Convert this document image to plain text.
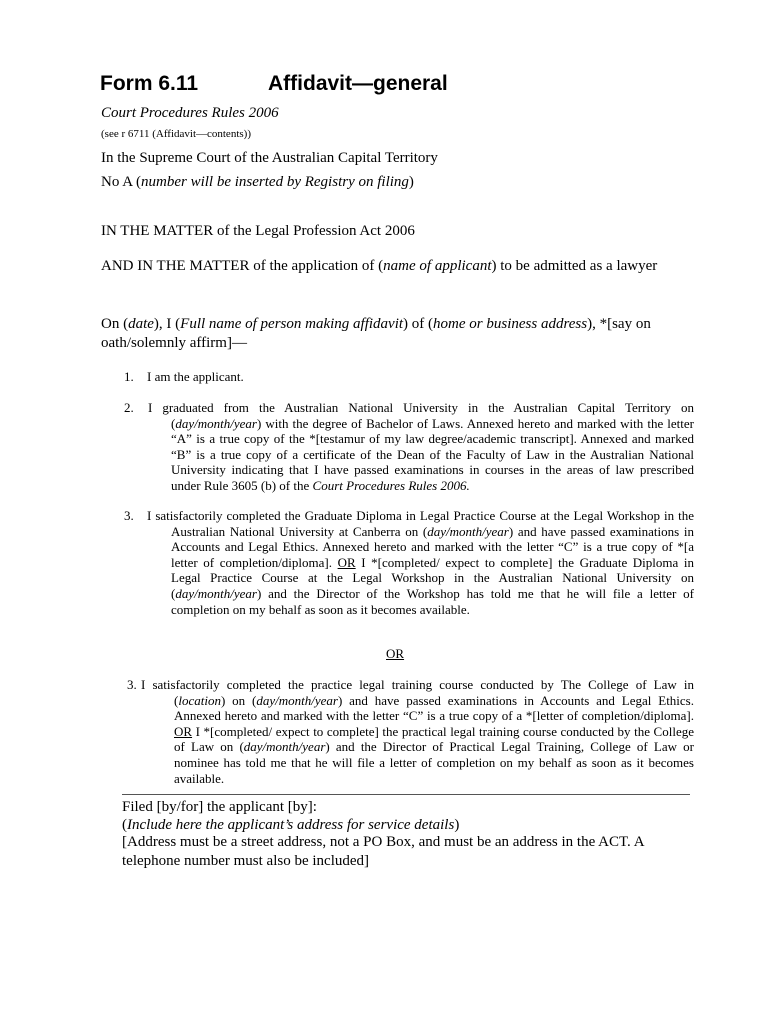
Form 6.11	Affidavit—general
Court Procedures Rules 2006
(see r 6711 (Affidavit—contents))
In the Supreme Court of the Australian Capital Territory
No A (number will be inserted by Registry on filing)
IN THE MATTER of the Legal Profession Act 2006
AND IN THE MATTER of the application of (name of applicant) to be admitted as a lawyer
On (date), I (Full name of person making affidavit) of (home or business address), *[say on oath/solemnly affirm]—
1. I am the applicant.
2. I graduated from the Australian National University in the Australian Capital Territory on (day/month/year) with the degree of Bachelor of Laws. Annexed hereto and marked with the letter “A” is a true copy of the *[testamur of my law degree/academic transcript]. Annexed and marked “B” is a true copy of a certificate of the Dean of the Faculty of Law in the Australian National University indicating that I have passed examinations in courses in the areas of law prescribed under Rule 3605 (b) of the Court Procedures Rules 2006.
3. I satisfactorily completed the Graduate Diploma in Legal Practice Course at the Legal Workshop in the Australian National University at Canberra on (day/month/year) and have passed examinations in Accounts and Legal Ethics. Annexed hereto and marked with the letter “C” is a true copy of *[a letter of completion/diploma]. OR I *[completed/ expect to complete] the Graduate Diploma in Legal Practice Course at the Legal Workshop in the Australian National University on (day/month/year) and the Director of the Workshop has told me that he will file a letter of completion on my behalf as soon as it becomes available.
OR
3. I satisfactorily completed the practice legal training course conducted by The College of Law in (location) on (day/month/year) and have passed examinations in Accounts and Legal Ethics. Annexed hereto and marked with the letter “C” is a true copy of a *[letter of completion/diploma]. OR I *[completed/ expect to complete] the practical legal training course conducted by the College of Law on (day/month/year) and the Director of Practical Legal Training, College of Law or nominee has told me that he will file a letter of completion on my behalf as soon as it becomes available.
Filed [by/for] the applicant [by]:
(Include here the applicant’s address for service details)
[Address must be a street address, not a PO Box, and must be an address in the ACT. A telephone number must also be included]
